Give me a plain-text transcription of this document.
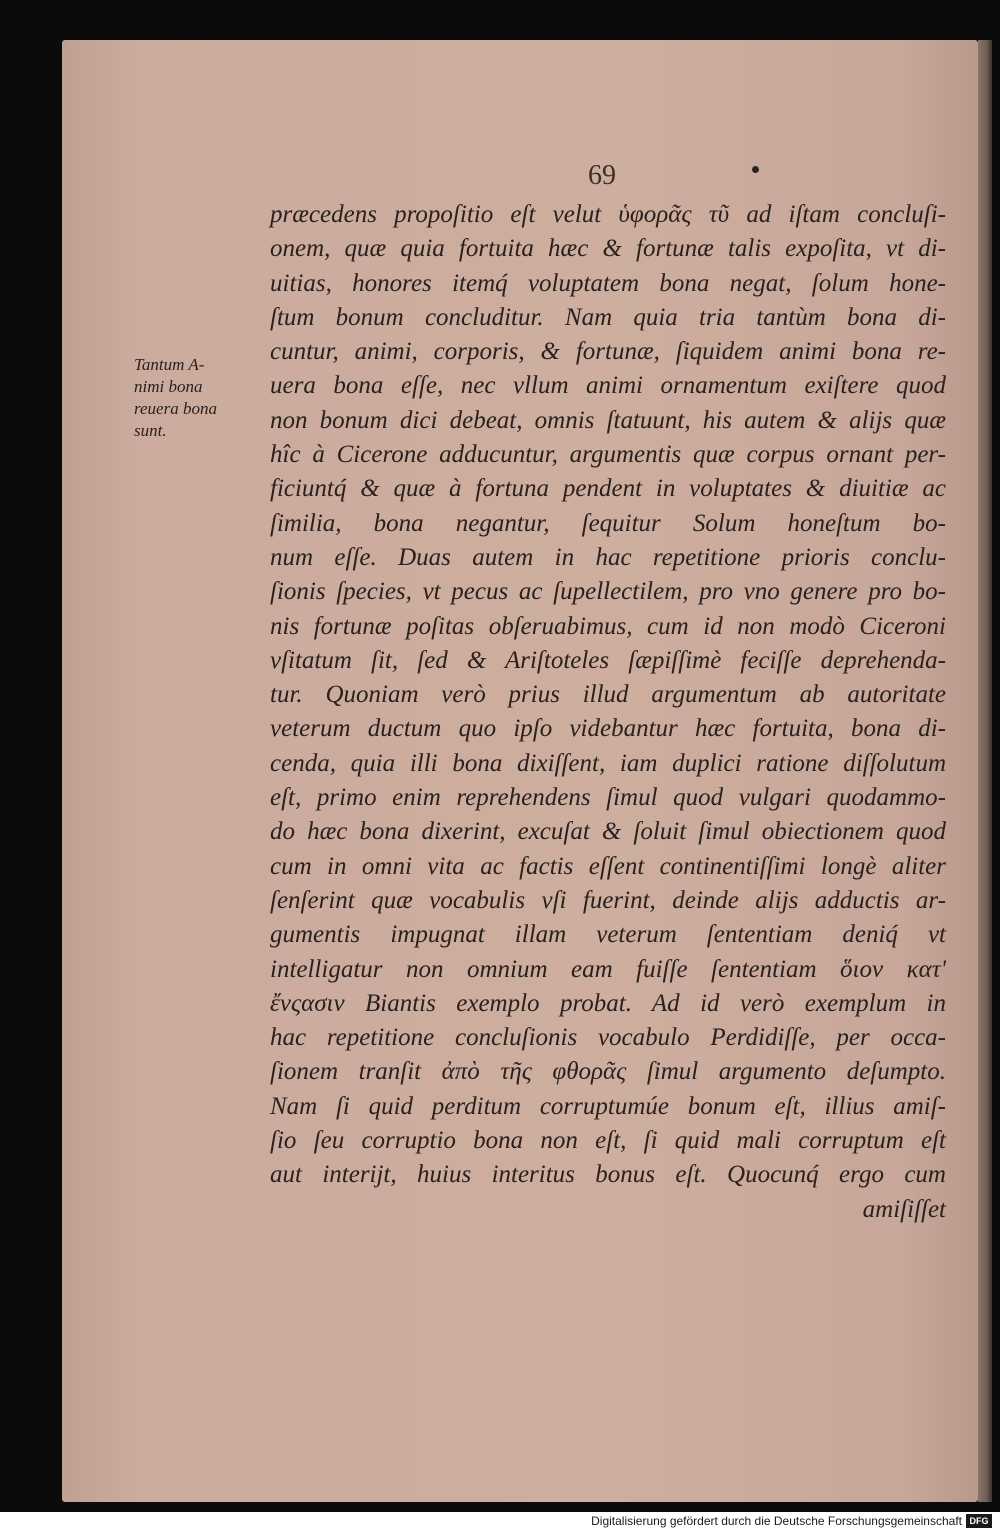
69
Tantum A-
nimi bona
reuera bona
sunt.
præcedens propoſitio eſt velut ὑφορᾶς τῦ ad iſtam concluſi-
onem, quæ quia fortuita hæc & fortunæ talis expoſita, vt di-
uitias, honores itemq́ voluptatem bona negat, ſolum hone-
ſtum bonum concluditur. Nam quia tria tantùm bona di-
cuntur, animi, corporis, & fortunæ, ſiquidem animi bona re-
uera bona eſſe, nec vllum animi ornamentum exiſtere quod
non bonum dici debeat, omnis ſtatuunt, his autem & alijs quæ
hîc à Cicerone adducuntur, argumentis quæ corpus ornant per-
ficiuntq́ & quæ à fortuna pendent in voluptates & diuitiæ ac
ſimilia, bona negantur, ſequitur Solum honeſtum bo-
num eſſe. Duas autem in hac repetitione prioris conclu-
ſionis ſpecies, vt pecus ac ſupellectilem, pro vno genere pro bo-
nis fortunæ poſitas obſeruabimus, cum id non modò Ciceroni
vſitatum ſit, ſed & Ariſtoteles ſæpiſſimè feciſſe deprehenda-
tur. Quoniam verò prius illud argumentum ab autoritate
veterum ductum quo ipſo videbantur hæc fortuita, bona di-
cenda, quia illi bona dixiſſent, iam duplici ratione diſſolutum
eſt, primo enim reprehendens ſimul quod vulgari quodammo-
do hæc bona dixerint, excuſat & ſoluit ſimul obiectionem quod
cum in omni vita ac factis eſſent continentiſſimi longè aliter
ſenſerint quæ vocabulis vſi fuerint, deinde alijs adductis ar-
gumentis impugnat illam veterum ſententiam deniq́ vt
intelligatur non omnium eam fuiſſe ſententiam ὅιον κατ'
ἔνςασιν Biantis exemplo probat. Ad id verò exemplum in
hac repetitione concluſionis vocabulo Perdidiſſe, per occa-
ſionem tranſit ἀπὸ τῆς φθορᾶς ſimul argumento deſumpto.
Nam ſi quid perditum corruptumúe bonum eſt, illius amiſ-
ſio ſeu corruptio bona non eſt, ſi quid mali corruptum eſt
aut interijt, huius interitus bonus eſt. Quocunq́ ergo cum
amiſiſſet
Digitalisierung gefördert durch die Deutsche Forschungsgemeinschaft DFG
